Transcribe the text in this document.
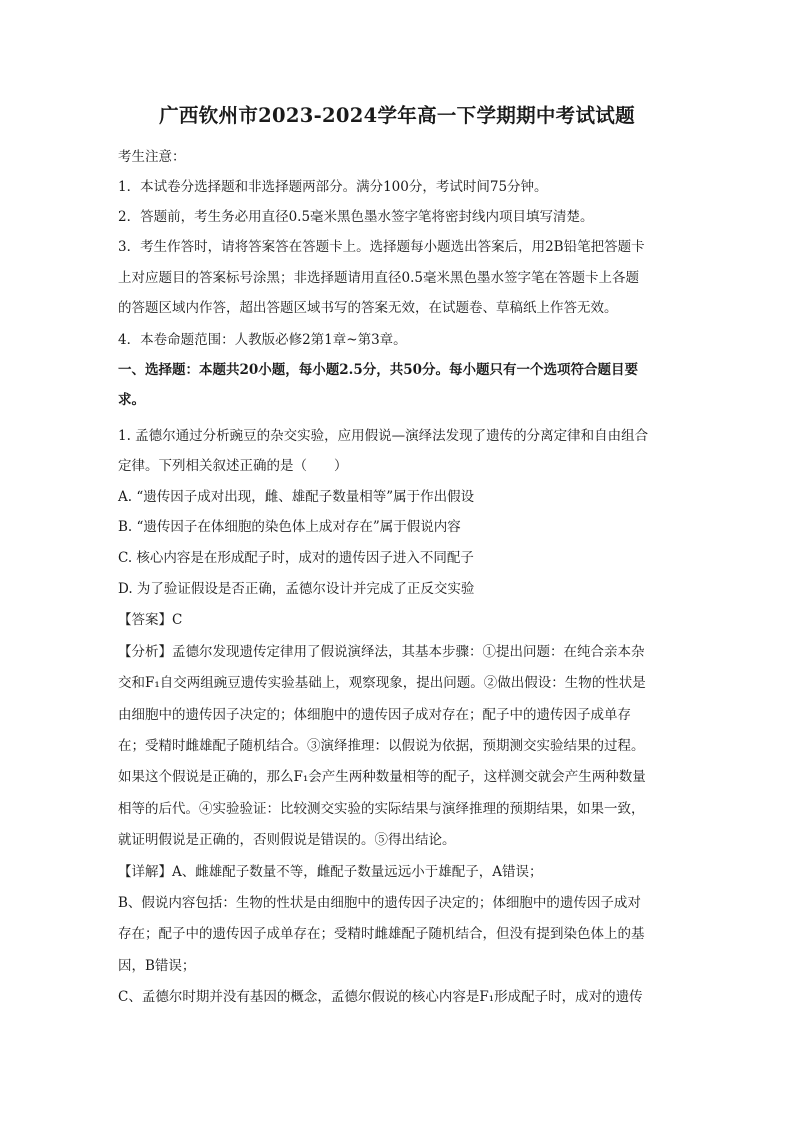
广西钦州市2023-2024学年高一下学期期中考试试题
考生注意：
1．本试卷分选择题和非选择题两部分。满分100分，考试时间75分钟。
2．答题前，考生务必用直径0.5毫米黑色墨水签字笔将密封线内项目填写清楚。
3．考生作答时，请将答案答在答题卡上。选择题每小题选出答案后，用2B铅笔把答题卡
上对应题目的答案标号涂黑；非选择题请用直径0.5毫米黑色墨水签字笔在答题卡上各题
的答题区域内作答，超出答题区域书写的答案无效，在试题卷、草稿纸上作答无效。
4．本卷命题范围：人教版必修2第1章~第3章。
一、选择题：本题共20小题，每小题2.5分，共50分。每小题只有一个选项符合题目要
求。
1. 孟德尔通过分析豌豆的杂交实验，应用假说—演绎法发现了遗传的分离定律和自由组合
定律。下列相关叙述正确的是（　　）
A. “遗传因子成对出现，雌、雄配子数量相等”属于作出假设
B. “遗传因子在体细胞的染色体上成对存在”属于假说内容
C. 核心内容是在形成配子时，成对的遗传因子进入不同配子
D. 为了验证假设是否正确，孟德尔设计并完成了正反交实验
【答案】C
【分析】孟德尔发现遗传定律用了假说演绎法，其基本步骤：①提出问题：在纯合亲本杂
交和F₁自交两组豌豆遗传实验基础上，观察现象，提出问题。②做出假设：生物的性状是
由细胞中的遗传因子决定的；体细胞中的遗传因子成对存在；配子中的遗传因子成单存
在；受精时雌雄配子随机结合。③演绎推理：以假说为依据，预期测交实验结果的过程。
如果这个假说是正确的，那么F₁会产生两种数量相等的配子，这样测交就会产生两种数量
相等的后代。④实验验证：比较测交实验的实际结果与演绎推理的预期结果，如果一致，
就证明假说是正确的，否则假说是错误的。⑤得出结论。
【详解】A、雌雄配子数量不等，雌配子数量远远小于雄配子，A错误；
B、假说内容包括：生物的性状是由细胞中的遗传因子决定的；体细胞中的遗传因子成对
存在；配子中的遗传因子成单存在；受精时雌雄配子随机结合，但没有提到染色体上的基
因，B错误；
C、孟德尔时期并没有基因的概念，孟德尔假说的核心内容是F₁形成配子时，成对的遗传
